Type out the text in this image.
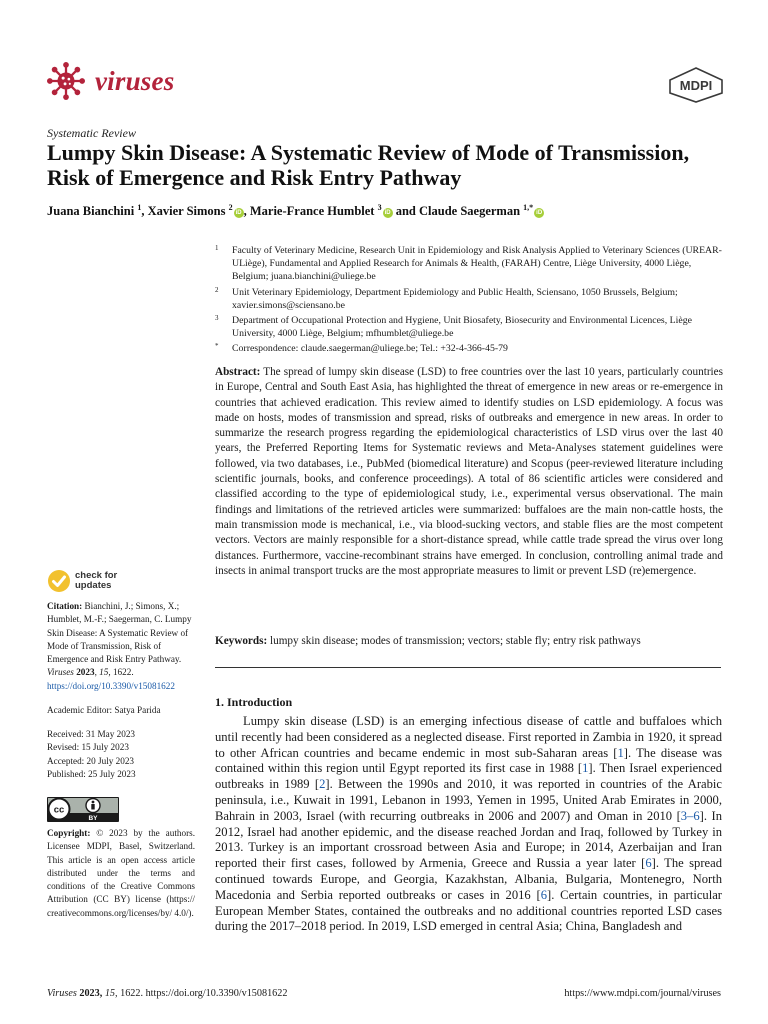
viruses	MDPI
Systematic Review
Lumpy Skin Disease: A Systematic Review of Mode of Transmission, Risk of Emergence and Risk Entry Pathway
Juana Bianchini $^1$, Xavier Simons $^2$iD , Marie-France Humblet $^3$iD and Claude Saegerman $^{1,*}$iD
1 Faculty of Veterinary Medicine, Research Unit in Epidemiology and Risk Analysis Applied to Veterinary Sciences (UREAR- ULiège), Fundamental and Applied Research for Animals & Health, (FARAH) Centre, Liège University, 4000 Liège, Belgium; juana.bianchini@uliege.be
2 Unit Veterinary Epidemiology, Department Epidemiology and Public Health, Sciensano, 1050 Brussels, Belgium; xavier.simons@sciensano.be
3 Department of Occupational Protection and Hygiene, Unit Biosafety, Biosecurity and Environmental Licences, Liège University, 4000 Liège, Belgium; mfhumblet@uliege.be
* Correspondence: claude.saegerman@uliege.be; Tel.: +32-4-366-45-79

Abstract: The spread of lumpy skin disease (LSD) to free countries over the last 10 years, particularly countries in Europe, Central and South East Asia, has highlighted the threat of emergence in new areas or re-emergence in countries that achieved eradication. This review aimed to identify studies on LSD epidemiology. A focus was made on hosts, modes of transmission and spread, risks of outbreaks and emergence in new areas. In order to summarize the research progress regarding the epidemiological characteristics of LSD virus over the last 40 years, the Preferred Reporting Items for Systematic reviews and Meta-Analyses statement guidelines were followed, via two databases, i.e., PubMed (biomedical literature) and Scopus (peer-reviewed literature including scientific journals, books, and conference proceedings). A total of 86 scientific articles were considered and classified according to the type of epidemiological study, i.e., experimental versus observational. The main findings and limitations of the retrieved articles were summarized: buffaloes are the main non-cattle hosts, the main transmission mode is mechanical, i.e., via blood-sucking vectors, and stable flies are the most competent vectors. Vectors are mainly responsible for a short-distance spread, while cattle trade spread the virus over long distances. Furthermore, vaccine-recombinant strains have emerged. In conclusion, controlling animal trade and insects in animal transport trucks are the most appropriate measures to limit or prevent LSD (re)emergence.

Keywords: lumpy skin disease; modes of transmission; vectors; stable fly; entry risk pathways

1. Introduction

Lumpy skin disease (LSD) is an emerging infectious disease of cattle and buffaloes which until recently had been considered as a neglected disease. First reported in Zambia in 1920, it spread to other African countries and became endemic in most sub-Saharan areas [1]. The disease was contained within this region until Egypt reported its first case in 1988 [1]. Then Israel experienced outbreaks in 1989 [2]. Between the 1990s and 2010, it was reported in countries of the Arabic peninsula, i.e., Kuwait in 1991, Lebanon in 1993, Yemen in 1995, United Arab Emirates in 2000, Bahrain in 2003, Israel (with recurring outbreaks in 2006 and 2007) and Oman in 2010 [3–6]. In 2012, Israel had another epidemic, and the disease reached Jordan and Iraq, followed by Turkey in 2013. Turkey is an important crossroad between Asia and Europe; in 2014, Azerbaijan and Iran reported their first cases, followed by Armenia, Greece and Russia a year later [6]. The spread continued towards Europe, and Georgia, Kazakhstan, Albania, Bulgaria, Montenegro, North Macedonia and Serbia reported outbreaks or cases in 2016 [6]. Certain countries, in particular European Member States, contained the outbreaks and no additional countries reported LSD cases during the 2017–2018 period. In 2019, LSD emerged in central Asia; China, Bangladesh and

check for
updates
Citation: Bianchini, J.; Simons, X.; Humblet, M.-F.; Saegerman, C. Lumpy Skin Disease: A Systematic Review of Mode of Transmission, Risk of Emergence and Risk Entry Pathway. Viruses 2023, 15, 1622. https://doi.org/10.3390/v15081622
Academic Editor: Satya Parida
Received: 31 May 2023
Revised: 15 July 2023
Accepted: 20 July 2023
Published: 25 July 2023
cc
BY
Copyright: © 2023 by the authors. Licensee MDPI, Basel, Switzerland. This article is an open access article distributed under the terms and conditions of the Creative Commons Attribution (CC BY) license (https:// creativecommons.org/licenses/by/ 4.0/).
Viruses 2023, 15, 1622. https://doi.org/10.3390/v15081622	https://www.mdpi.com/journal/viruses
